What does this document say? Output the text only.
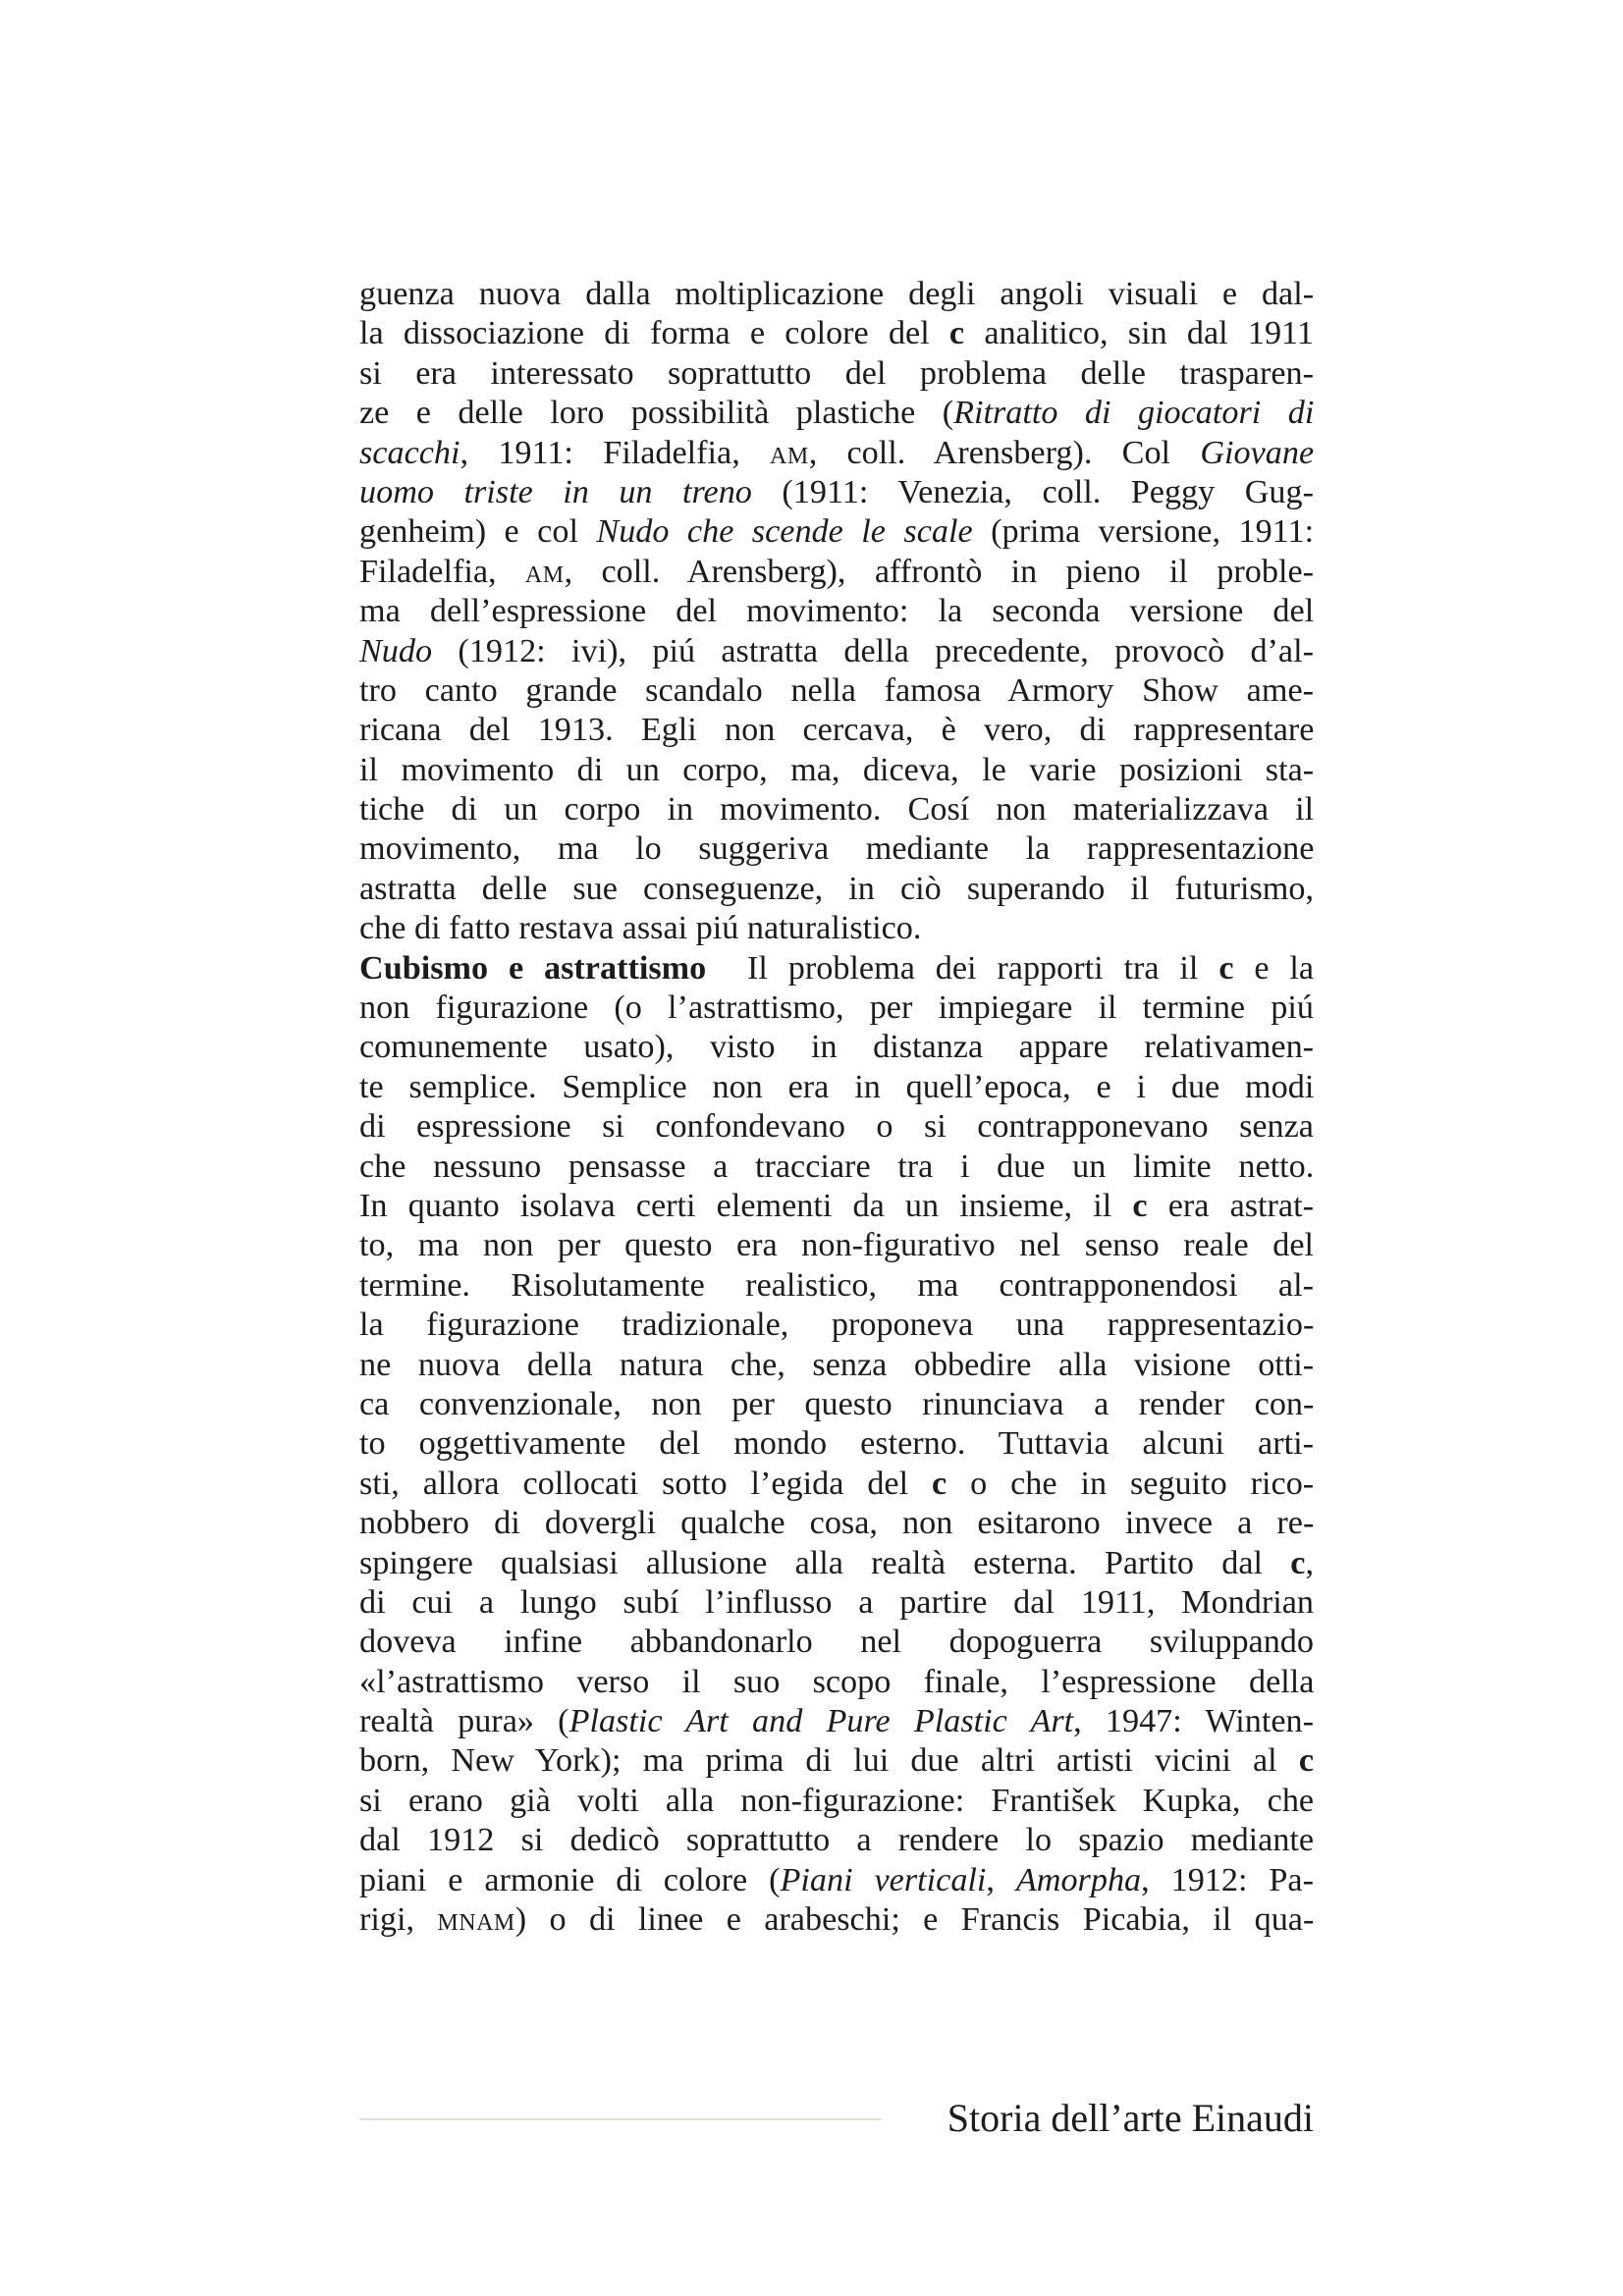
guenza nuova dalla moltiplicazione degli angoli visuali e dal-
la dissociazione di forma e colore del c analitico, sin dal 1911
si era interessato soprattutto del problema delle trasparen-
ze e delle loro possibilità plastiche (Ritratto di giocatori di
scacchi, 1911: Filadelfia, am, coll. Arensberg). Col Giovane
uomo triste in un treno (1911: Venezia, coll. Peggy Gug-
genheim) e col Nudo che scende le scale (prima versione, 1911:
Filadelfia, am, coll. Arensberg), affrontò in pieno il proble-
ma dell’espressione del movimento: la seconda versione del
Nudo (1912: ivi), piú astratta della precedente, provocò d’al-
tro canto grande scandalo nella famosa Armory Show ame-
ricana del 1913. Egli non cercava, è vero, di rappresentare
il movimento di un corpo, ma, diceva, le varie posizioni sta-
tiche di un corpo in movimento. Cosí non materializzava il
movimento, ma lo suggeriva mediante la rappresentazione
astratta delle sue conseguenze, in ciò superando il futurismo,
che di fatto restava assai piú naturalistico.
Cubismo e astrattismo  Il problema dei rapporti tra il c e la
non figurazione (o l’astrattismo, per impiegare il termine piú
comunemente usato), visto in distanza appare relativamen-
te semplice. Semplice non era in quell’epoca, e i due modi
di espressione si confondevano o si contrapponevano senza
che nessuno pensasse a tracciare tra i due un limite netto.
In quanto isolava certi elementi da un insieme, il c era astrat-
to, ma non per questo era non-figurativo nel senso reale del
termine. Risolutamente realistico, ma contrapponendosi al-
la figurazione tradizionale, proponeva una rappresentazio-
ne nuova della natura che, senza obbedire alla visione otti-
ca convenzionale, non per questo rinunciava a render con-
to oggettivamente del mondo esterno. Tuttavia alcuni arti-
sti, allora collocati sotto l’egida del c o che in seguito rico-
nobbero di dovergli qualche cosa, non esitarono invece a re-
spingere qualsiasi allusione alla realtà esterna. Partito dal c,
di cui a lungo subí l’influsso a partire dal 1911, Mondrian
doveva infine abbandonarlo nel dopoguerra sviluppando
«l’astrattismo verso il suo scopo finale, l’espressione della
realtà pura» (Plastic Art and Pure Plastic Art, 1947: Winten-
born, New York); ma prima di lui due altri artisti vicini al c
si erano già volti alla non-figurazione: František Kupka, che
dal 1912 si dedicò soprattutto a rendere lo spazio mediante
piani e armonie di colore (Piani verticali, Amorpha, 1912: Pa-
rigi, mnam) o di linee e arabeschi; e Francis Picabia, il qua-
Storia dell’arte Einaudi
